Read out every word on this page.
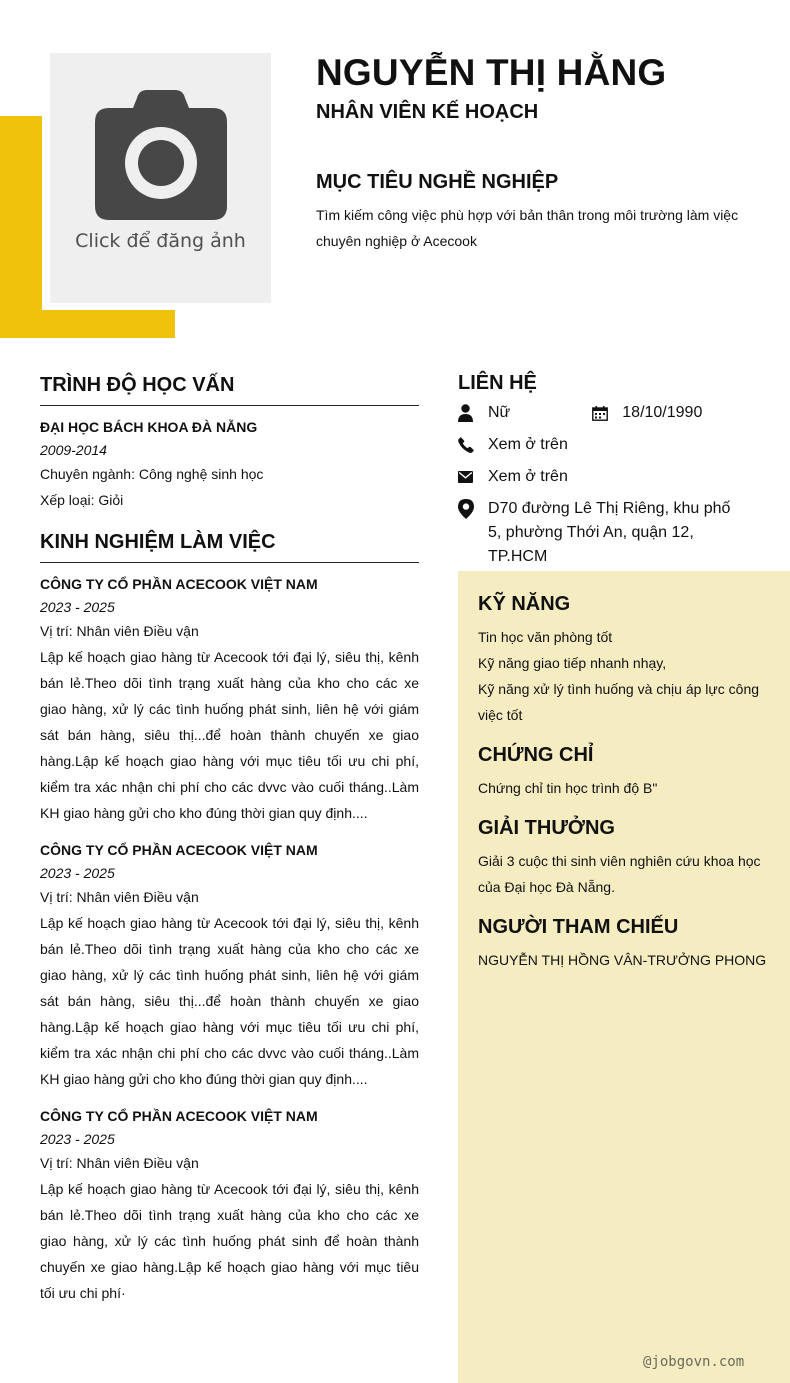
Click để đăng ảnh
NGUYỄN THỊ HẰNG
NHÂN VIÊN KẾ HOẠCH
MỤC TIÊU NGHỀ NGHIỆP
Tìm kiếm công việc phù hợp với bản thân trong môi trường làm việc chuyên nghiệp ở Acecook
TRÌNH ĐỘ HỌC VẤN
ĐẠI HỌC BÁCH KHOA ĐÀ NẴNG
2009-2014
Chuyên ngành: Công nghệ sinh học
Xếp loại: Giỏi
KINH NGHIỆM LÀM VIỆC
CÔNG TY CỔ PHẦN ACECOOK VIỆT NAM
2023 - 2025
Vị trí: Nhân viên Điều vận
Lập kế hoạch giao hàng từ Acecook tới đại lý, siêu thị, kênh bán lẻ.Theo dõi tình trạng xuất hàng của kho cho các xe giao hàng, xử lý các tình huống phát sinh, liên hệ với giám sát bán hàng, siêu thị...để hoàn thành chuyến xe giao hàng.Lập kế hoạch giao hàng với mục tiêu tối ưu chi phí, kiểm tra xác nhận chi phí cho các dvvc vào cuối tháng..Làm KH giao hàng gửi cho kho đúng thời gian quy định....
CÔNG TY CỔ PHẦN ACECOOK VIỆT NAM
2023 - 2025
Vị trí: Nhân viên Điều vận
Lập kế hoạch giao hàng từ Acecook tới đại lý, siêu thị, kênh bán lẻ.Theo dõi tình trạng xuất hàng của kho cho các xe giao hàng, xử lý các tình huống phát sinh, liên hệ với giám sát bán hàng, siêu thị...để hoàn thành chuyến xe giao hàng.Lập kế hoạch giao hàng với mục tiêu tối ưu chi phí, kiểm tra xác nhận chi phí cho các dvvc vào cuối tháng..Làm KH giao hàng gửi cho kho đúng thời gian quy định....
CÔNG TY CỔ PHẦN ACECOOK VIỆT NAM
2023 - 2025
Vị trí: Nhân viên Điều vận
Lập kế hoạch giao hàng từ Acecook tới đại lý, siêu thị, kênh bán lẻ.Theo dõi tình trạng xuất hàng của kho cho các xe giao hàng, xử lý các tình huống phát sinh để hoàn thành chuyến xe giao hàng.Lập kế hoạch giao hàng với mục tiêu tối ưu chi phí·
LIÊN HỆ
Nữ	18/10/1990
Xem ở trên
Xem ở trên
D70 đường Lê Thị Riêng, khu phố 5, phường Thới An, quận 12, TP.HCM
KỸ NĂNG
Tin học văn phòng tốt
Kỹ năng giao tiếp nhanh nhạy,
Kỹ năng xử lý tình huống và chịu áp lực công việc tốt
CHỨNG CHỈ
Chứng chỉ tin học trình độ B"
GIẢI THƯỞNG
Giải 3 cuộc thi sinh viên nghiên cứu khoa học của Đại học Đà Nẵng.
NGƯỜI THAM CHIẾU
NGUYỄN THỊ HỒNG VÂN-TRƯỞNG PHONG
@jobgovn.com
